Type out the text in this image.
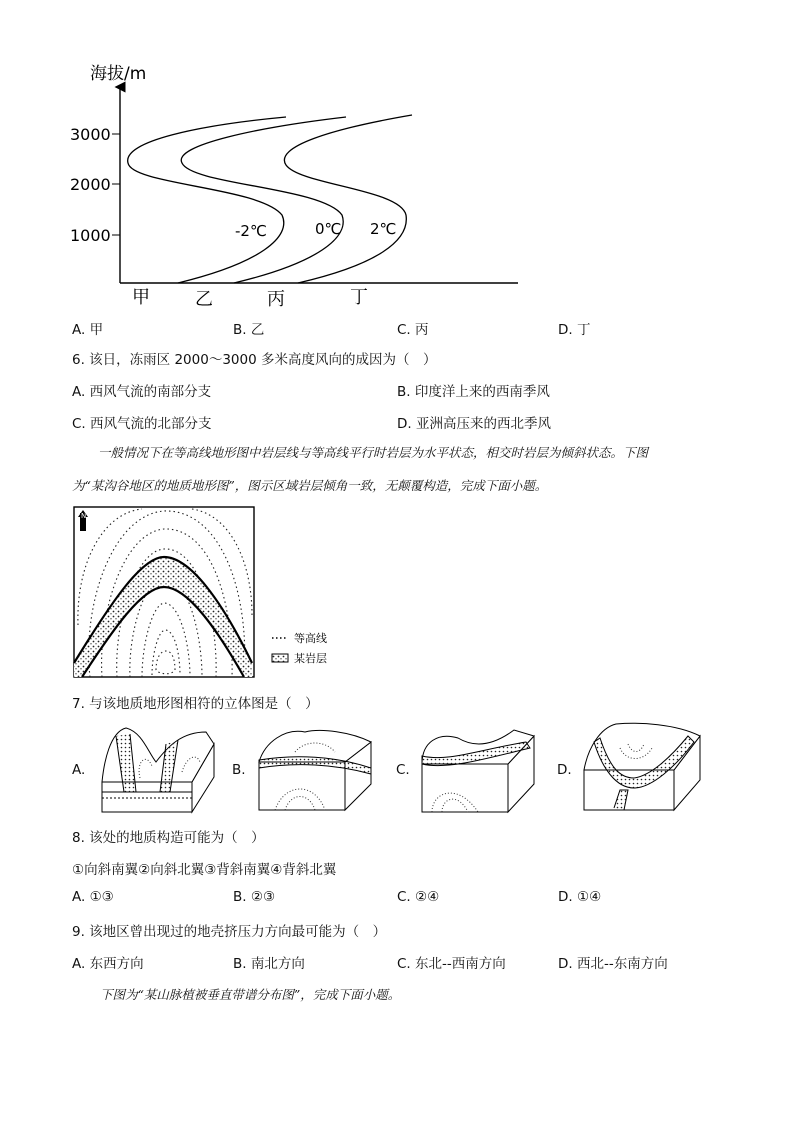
海拔/m
3000
2000
1000	-2℃	0℃ 2℃
甲	乙	丙	丁
A. 甲	B. 乙	C. 丙	D. 丁
6. 该日，冻雨区 2000～3000 多米高度风向的成因为（　）
A. 西风气流的南部分支	B. 印度洋上来的西南季风
C. 西风气流的北部分支	D. 亚洲高压来的西北季风
一般情况下在等高线地形图中岩层线与等高线平行时岩层为水平状态，相交时岩层为倾斜状态。下图
为“某沟谷地区的地质地形图”，图示区域岩层倾角一致，无颠覆构造，完成下面小题。
N
等高线
某岩层
7. 与该地质地形图相符的立体图是（　）
A.	B.	C.	D.
8. 该处的地质构造可能为（　）
①向斜南翼②向斜北翼③背斜南翼④背斜北翼
A. ①③	B. ②③	C. ②④	D. ①④
9. 该地区曾出现过的地壳挤压力方向最可能为（　）
A. 东西方向	B. 南北方向	C. 东北--西南方向	D. 西北--东南方向
下图为“某山脉植被垂直带谱分布图”，完成下面小题。
